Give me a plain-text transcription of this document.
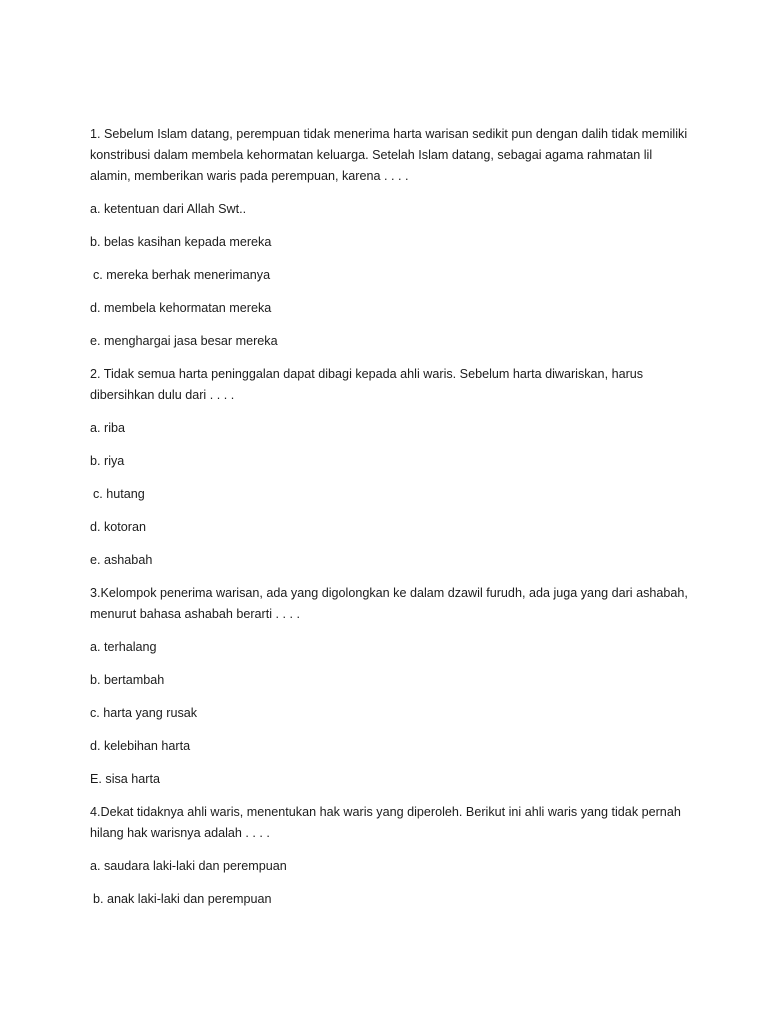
1. Sebelum Islam datang, perempuan tidak menerima harta warisan sedikit pun dengan dalih tidak memiliki konstribusi dalam membela kehormatan keluarga. Setelah Islam datang, sebagai agama rahmatan lil alamin, memberikan waris pada perempuan, karena . . . .
a. ketentuan dari Allah Swt..
b. belas kasihan kepada mereka
c. mereka berhak menerimanya
d. membela kehormatan mereka
e. menghargai jasa besar mereka
2. Tidak semua harta peninggalan dapat dibagi kepada ahli waris. Sebelum harta diwariskan, harus dibersihkan dulu dari . . . .
a. riba
b. riya
c. hutang
d. kotoran
e. ashabah
3.Kelompok penerima warisan, ada yang digolongkan ke dalam dzawil furudh, ada juga yang dari ashabah, menurut bahasa ashabah berarti . . . .
a. terhalang
b. bertambah
c. harta yang rusak
d. kelebihan harta
E. sisa harta
4.Dekat tidaknya ahli waris, menentukan hak waris yang diperoleh. Berikut ini ahli waris yang tidak pernah hilang hak warisnya adalah . . . .
a. saudara laki-laki dan perempuan
b. anak laki-laki dan perempuan
